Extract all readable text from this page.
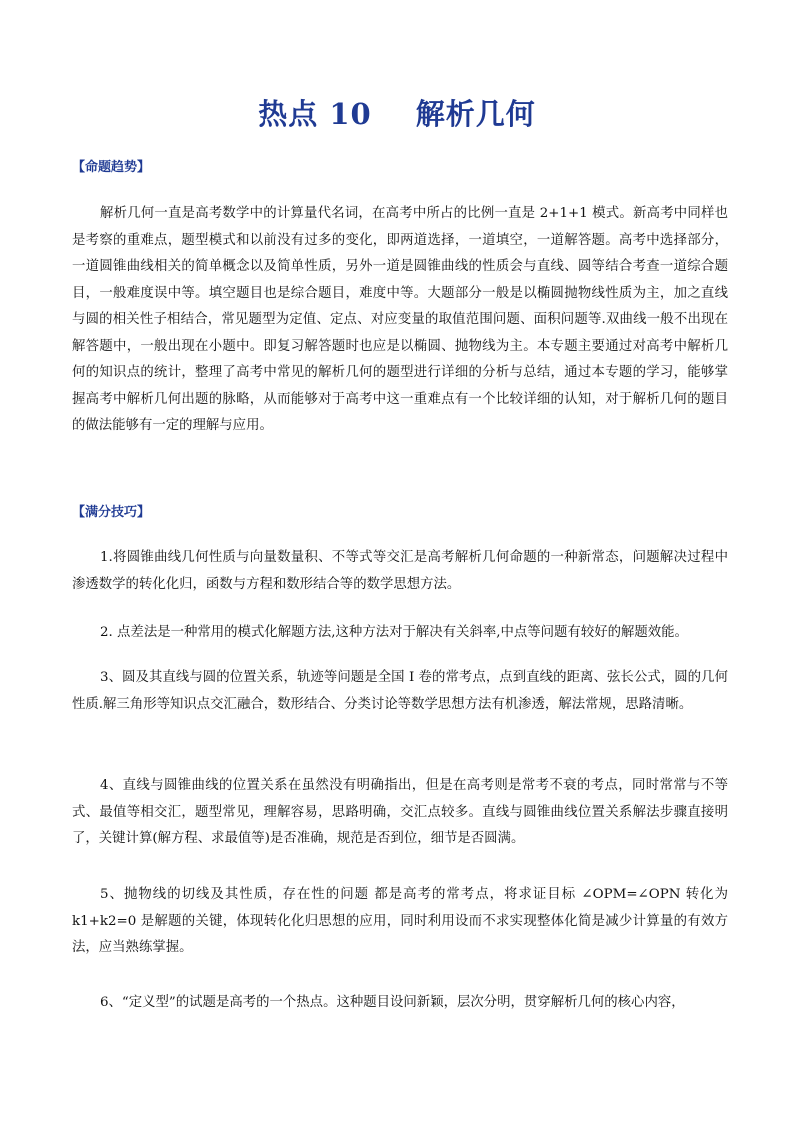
热点 10 解析几何
【命题趋势】
解析几何一直是高考数学中的计算量代名词，在高考中所占的比例一直是 2+1+1 模式。新高考中同样也是考察的重难点，题型模式和以前没有过多的变化，即两道选择，一道填空，一道解答题。高考中选择部分，一道圆锥曲线相关的简单概念以及简单性质，另外一道是圆锥曲线的性质会与直线、圆等结合考查一道综合题目，一般难度误中等。填空题目也是综合题目，难度中等。大题部分一般是以椭圆抛物线性质为主，加之直线与圆的相关性子相结合，常见题型为定值、定点、对应变量的取值范围问题、面积问题等.双曲线一般不出现在解答题中，一般出现在小题中。即复习解答题时也应是以椭圆、抛物线为主。本专题主要通过对高考中解析几何的知识点的统计，整理了高考中常见的解析几何的题型进行详细的分析与总结，通过本专题的学习，能够掌握高考中解析几何出题的脉略，从而能够对于高考中这一重难点有一个比较详细的认知，对于解析几何的题目的做法能够有一定的理解与应用。
【满分技巧】
1.将圆锥曲线几何性质与向量数量积、不等式等交汇是高考解析几何命题的一种新常态，问题解决过程中渗透数学的转化化归，函数与方程和数形结合等的数学思想方法。
2. 点差法是一种常用的模式化解题方法,这种方法对于解决有关斜率,中点等问题有较好的解题效能。
3、圆及其直线与圆的位置关系，轨迹等问题是全国 I 卷的常考点，点到直线的距离、弦长公式，圆的几何性质.解三角形等知识点交汇融合，数形结合、分类讨论等数学思想方法有机渗透，解法常规，思路清晰。
4、直线与圆锥曲线的位置关系在虽然没有明确指出，但是在高考则是常考不衰的考点，同时常常与不等式、最值等相交汇，题型常见，理解容易，思路明确，交汇点较多。直线与圆锥曲线位置关系解法步骤直接明了，关键计算(解方程、求最值等)是否准确，规范是否到位，细节是否圆满。
5、抛物线的切线及其性质，存在性的问题 都是高考的常考点，将求证目标 ∠OPM=∠OPN 转化为 k1+k2=0 是解题的关键，体现转化化归思想的应用，同时利用设而不求实现整体化简是减少计算量的有效方法，应当熟练掌握。
6、“定义型”的试题是高考的一个热点。这种题目设问新颖，层次分明，贯穿解析几何的核心内容，
